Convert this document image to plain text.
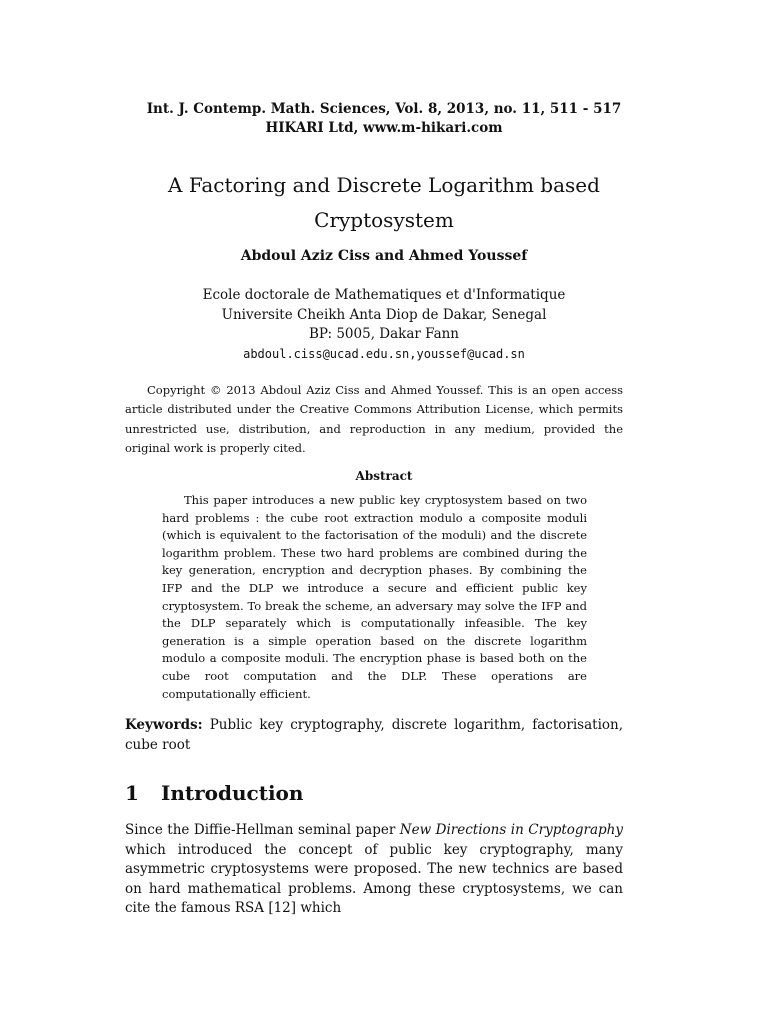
Int. J. Contemp. Math. Sciences, Vol. 8, 2013, no. 11, 511 - 517
HIKARI Ltd, www.m-hikari.com
A Factoring and Discrete Logarithm based
Cryptosystem
Abdoul Aziz Ciss and Ahmed Youssef
Ecole doctorale de Mathematiques et d'Informatique
Universite Cheikh Anta Diop de Dakar, Senegal
BP: 5005, Dakar Fann
abdoul.ciss@ucad.edu.sn,youssef@ucad.sn
Copyright © 2013 Abdoul Aziz Ciss and Ahmed Youssef. This is an open access article distributed under the Creative Commons Attribution License, which permits unrestricted use, distribution, and reproduction in any medium, provided the original work is properly cited.
Abstract
This paper introduces a new public key cryptosystem based on two hard problems : the cube root extraction modulo a composite moduli (which is equivalent to the factorisation of the moduli) and the discrete logarithm problem. These two hard problems are combined during the key generation, encryption and decryption phases. By combining the IFP and the DLP we introduce a secure and efficient public key cryptosystem. To break the scheme, an adversary may solve the IFP and the DLP separately which is computationally infeasible. The key generation is a simple operation based on the discrete logarithm modulo a composite moduli. The encryption phase is based both on the cube root computation and the DLP. These operations are computationally efficient.
Keywords: Public key cryptography, discrete logarithm, factorisation, cube root
1 Introduction
Since the Diffie-Hellman seminal paper New Directions in Cryptography which introduced the concept of public key cryptography, many asymmetric cryptosystems were proposed. The new technics are based on hard mathematical problems. Among these cryptosystems, we can cite the famous RSA [12] which
